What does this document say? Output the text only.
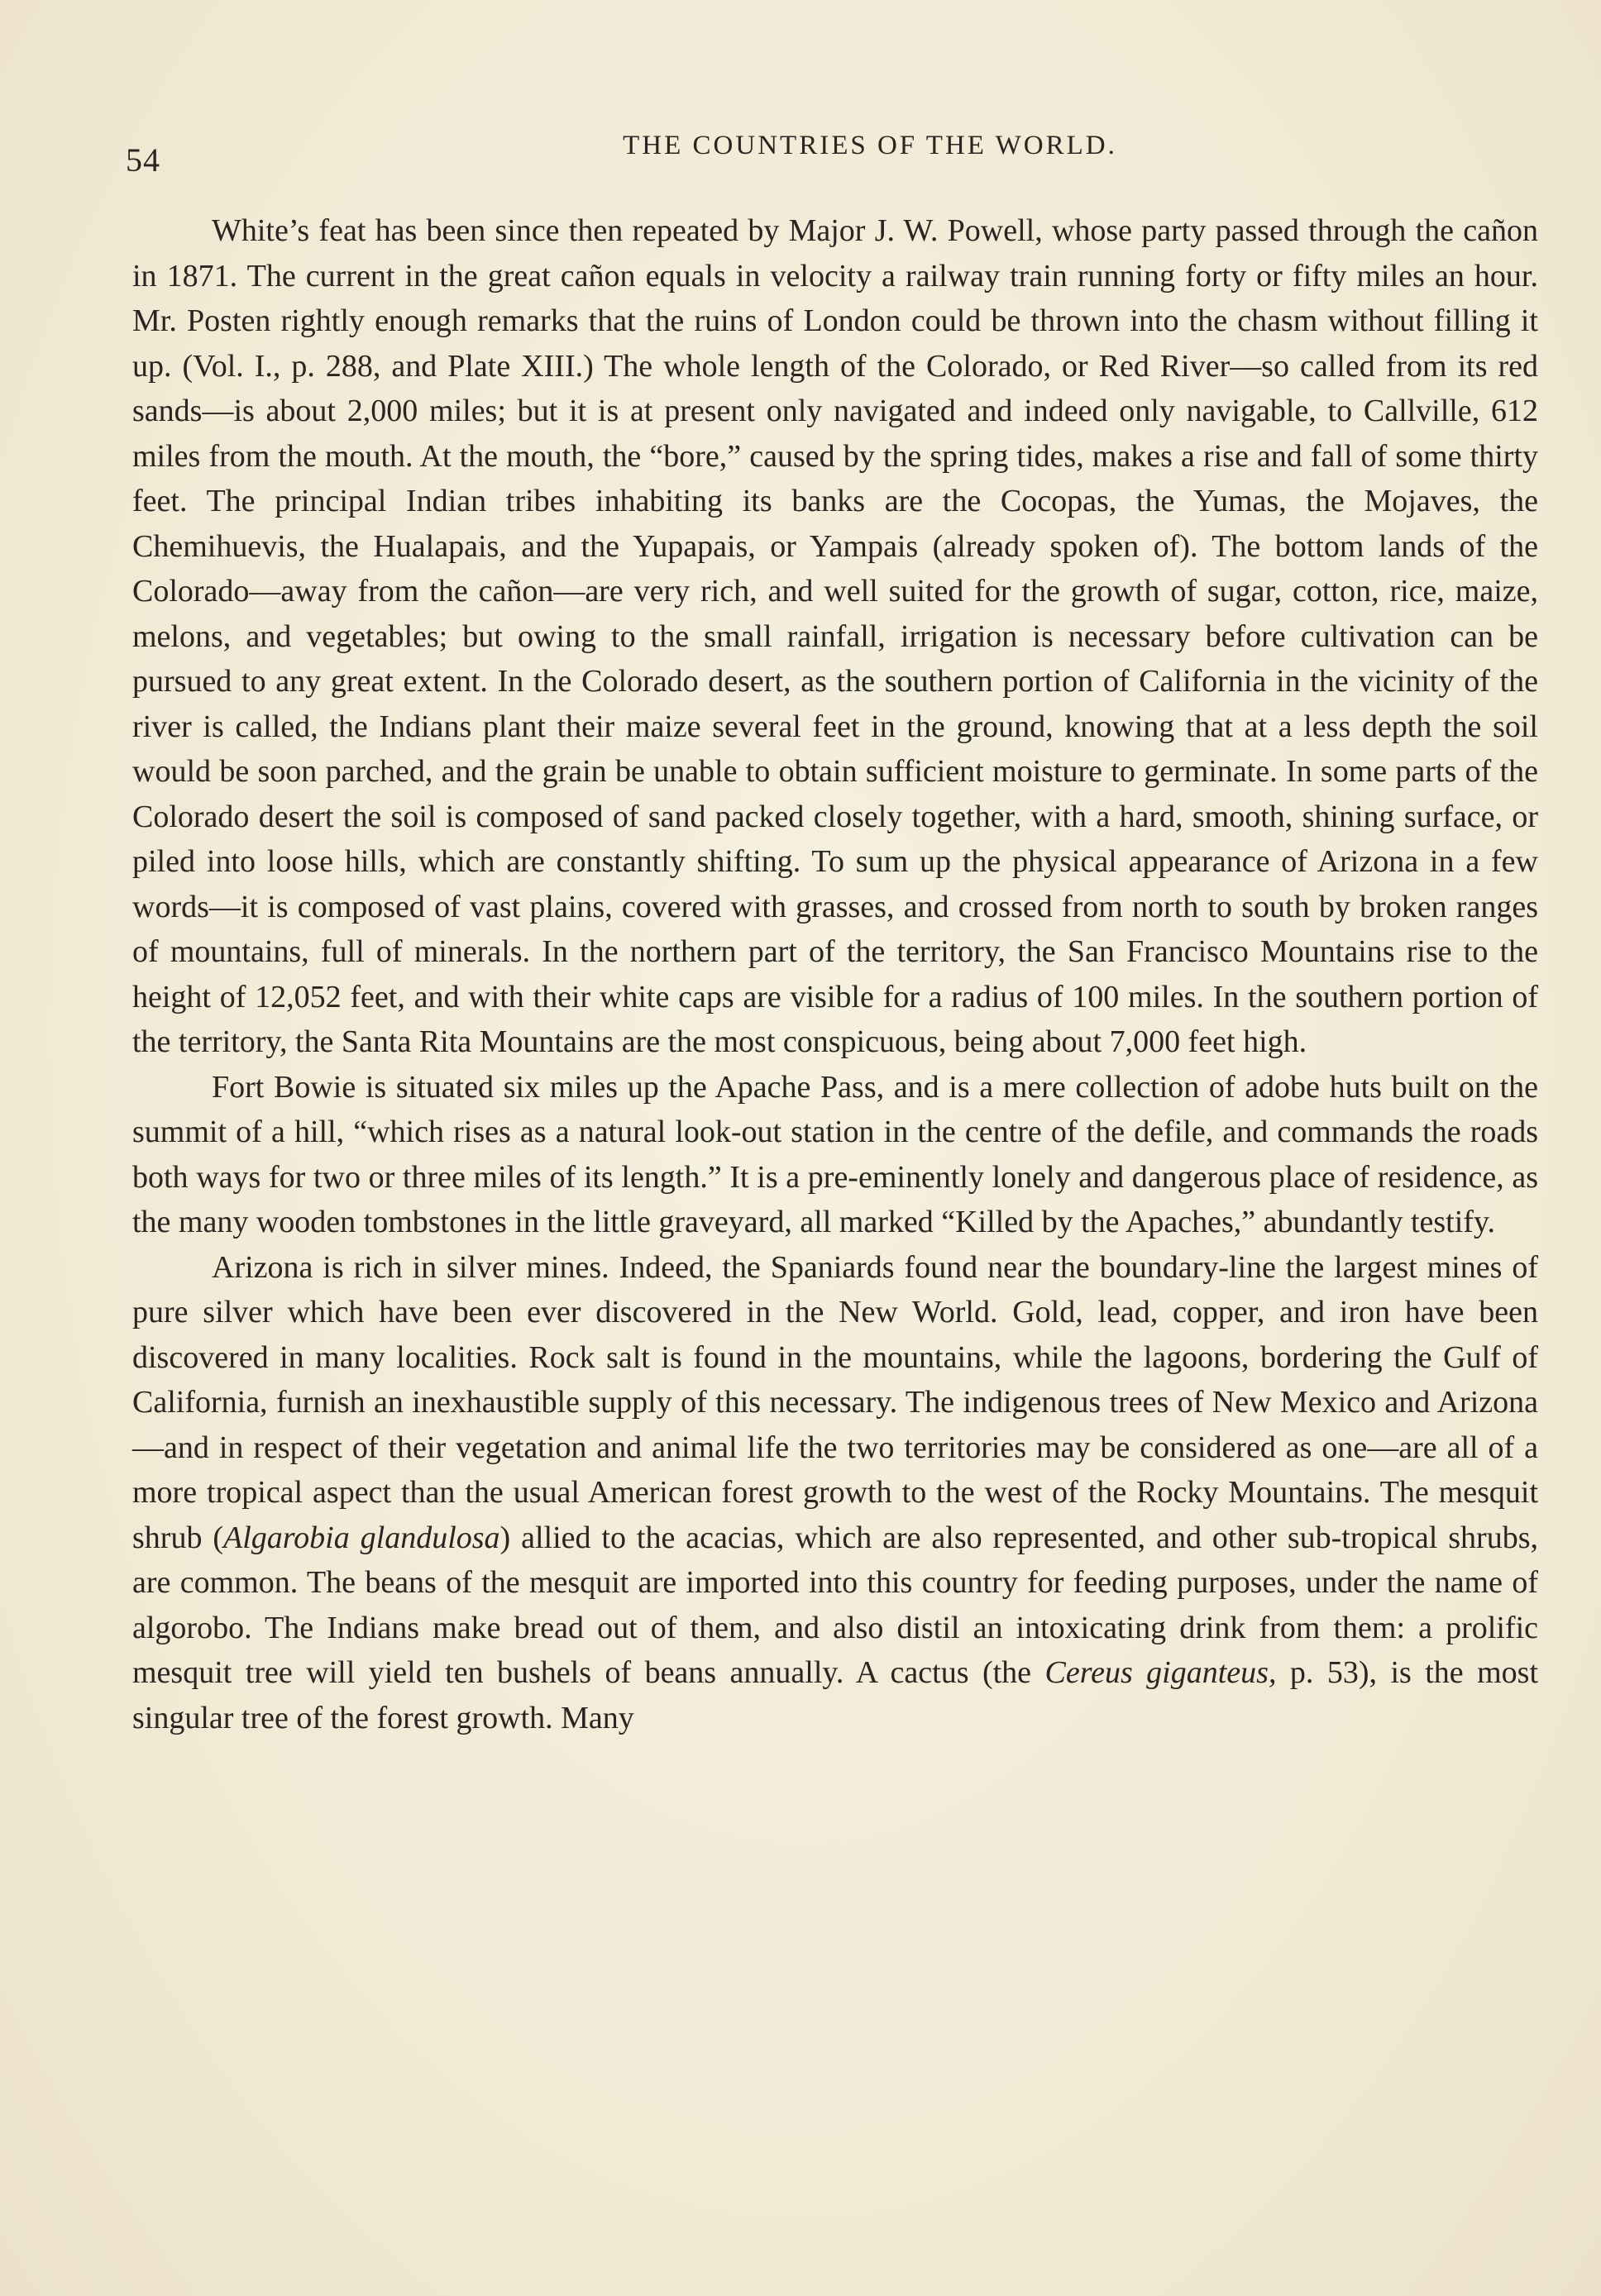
54	THE COUNTRIES OF THE WORLD.

White’s feat has been since then repeated by Major J. W. Powell, whose party passed through the cañon in 1871. The current in the great cañon equals in velocity a railway train running forty or fifty miles an hour. Mr. Posten rightly enough remarks that the ruins of London could be thrown into the chasm without filling it up. (Vol. I., p. 288, and Plate XIII.) The whole length of the Colorado, or Red River—so called from its red sands—is about 2,000 miles; but it is at present only navigated and indeed only navigable, to Callville, 612 miles from the mouth. At the mouth, the “bore,” caused by the spring tides, makes a rise and fall of some thirty feet. The principal Indian tribes inhabiting its banks are the Cocopas, the Yumas, the Mojaves, the Chemihuevis, the Hualapais, and the Yupapais, or Yampais (already spoken of). The bottom lands of the Colorado—away from the cañon—are very rich, and well suited for the growth of sugar, cotton, rice, maize, melons, and vegetables; but owing to the small rainfall, irrigation is necessary before cultivation can be pursued to any great extent. In the Colorado desert, as the southern portion of California in the vicinity of the river is called, the Indians plant their maize several feet in the ground, knowing that at a less depth the soil would be soon parched, and the grain be unable to obtain sufficient moisture to germinate. In some parts of the Colorado desert the soil is composed of sand packed closely together, with a hard, smooth, shining surface, or piled into loose hills, which are constantly shifting. To sum up the physical appearance of Arizona in a few words—it is composed of vast plains, covered with grasses, and crossed from north to south by broken ranges of mountains, full of minerals. In the northern part of the territory, the San Francisco Mountains rise to the height of 12,052 feet, and with their white caps are visible for a radius of 100 miles. In the southern portion of the territory, the Santa Rita Mountains are the most conspicuous, being about 7,000 feet high.

Fort Bowie is situated six miles up the Apache Pass, and is a mere collection of adobe huts built on the summit of a hill, “which rises as a natural look-out station in the centre of the defile, and commands the roads both ways for two or three miles of its length.” It is a pre-eminently lonely and dangerous place of residence, as the many wooden tombstones in the little graveyard, all marked “Killed by the Apaches,” abundantly testify.

Arizona is rich in silver mines. Indeed, the Spaniards found near the boundary-line the largest mines of pure silver which have been ever discovered in the New World. Gold, lead, copper, and iron have been discovered in many localities. Rock salt is found in the mountains, while the lagoons, bordering the Gulf of California, furnish an inexhaustible supply of this necessary. The indigenous trees of New Mexico and Arizona—and in respect of their vegetation and animal life the two territories may be considered as one—are all of a more tropical aspect than the usual American forest growth to the west of the Rocky Mountains. The mesquit shrub (Algarobia glandulosa) allied to the acacias, which are also represented, and other sub-tropical shrubs, are common. The beans of the mesquit are imported into this country for feeding purposes, under the name of algorobo. The Indians make bread out of them, and also distil an intoxicating drink from them: a prolific mesquit tree will yield ten bushels of beans annually. A cactus (the Cereus giganteus, p. 53), is the most singular tree of the forest growth. Many
